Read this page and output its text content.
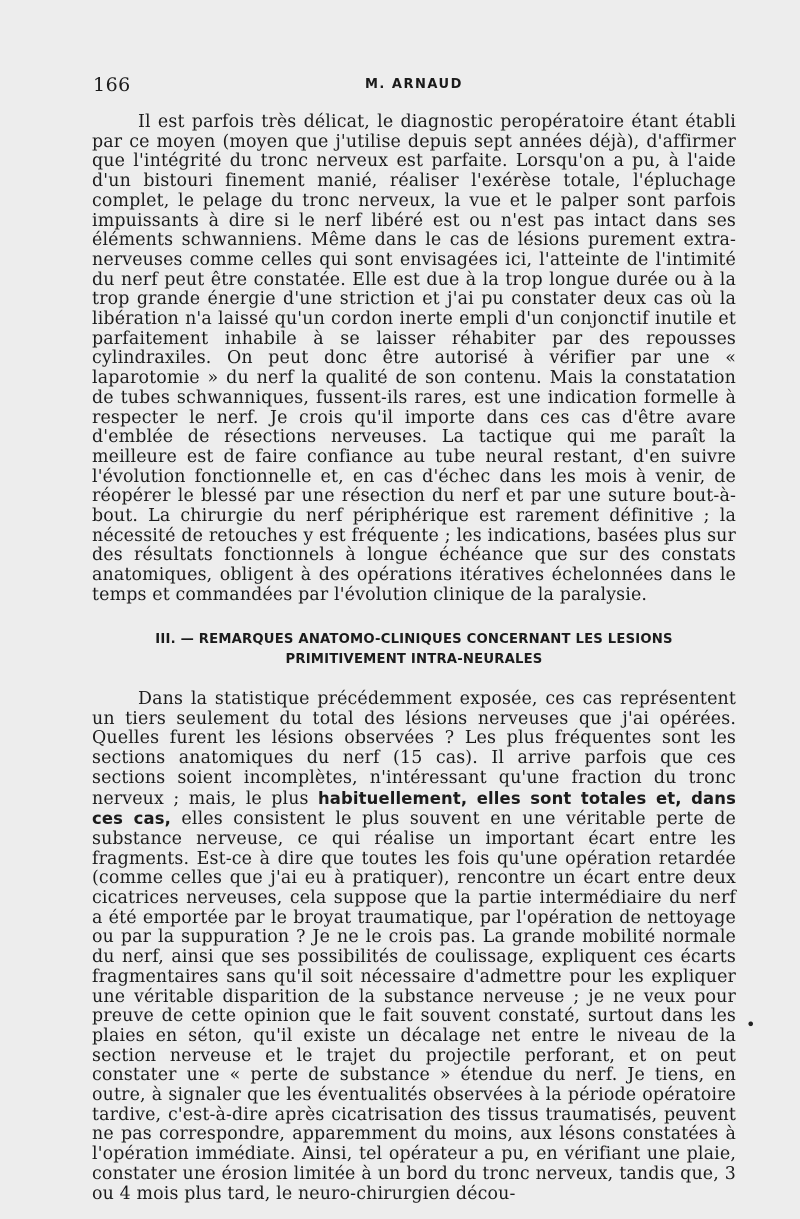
166	M. ARNAUD

Il est parfois très délicat, le diagnostic peropératoire étant établi par ce moyen (moyen que j'utilise depuis sept années déjà), d'affirmer que l'intégrité du tronc nerveux est parfaite. Lorsqu'on a pu, à l'aide d'un bistouri finement manié, réaliser l'exérèse totale, l'épluchage complet, le pelage du tronc nerveux, la vue et le palper sont parfois impuissants à dire si le nerf libéré est ou n'est pas intact dans ses éléments schwanniens. Même dans le cas de lésions purement extra-nerveuses comme celles qui sont envisagées ici, l'atteinte de l'intimité du nerf peut être constatée. Elle est due à la trop longue durée ou à la trop grande énergie d'une striction et j'ai pu constater deux cas où la libération n'a laissé qu'un cordon inerte empli d'un conjonctif inutile et parfaitement inhabile à se laisser réhabiter par des repousses cylindraxiles. On peut donc être autorisé à vérifier par une « laparotomie » du nerf la qualité de son contenu. Mais la constatation de tubes schwanniques, fussent-ils rares, est une indication formelle à respecter le nerf. Je crois qu'il importe dans ces cas d'être avare d'emblée de résections nerveuses. La tactique qui me paraît la meilleure est de faire confiance au tube neural restant, d'en suivre l'évolution fonctionnelle et, en cas d'échec dans les mois à venir, de réopérer le blessé par une résection du nerf et par une suture bout-à-bout. La chirurgie du nerf périphérique est rarement définitive ; la nécessité de retouches y est fréquente ; les indications, basées plus sur des résultats fonctionnels à longue échéance que sur des constats anatomiques, obligent à des opérations itératives échelonnées dans le temps et commandées par l'évolution clinique de la paralysie.

III. — REMARQUES ANATOMO-CLINIQUES CONCERNANT LES LESIONS
PRIMITIVEMENT INTRA-NEURALES

Dans la statistique précédemment exposée, ces cas représentent un tiers seulement du total des lésions nerveuses que j'ai opérées. Quelles furent les lésions observées ? Les plus fréquentes sont les sections anatomiques du nerf (15 cas). Il arrive parfois que ces sections soient incomplètes, n'intéressant qu'une fraction du tronc nerveux ; mais, le plus habituellement, elles sont totales et, dans ces cas, elles consistent le plus souvent en une véritable perte de substance nerveuse, ce qui réalise un important écart entre les fragments. Est-ce à dire que toutes les fois qu'une opération retardée (comme celles que j'ai eu à pratiquer), rencontre un écart entre deux cicatrices nerveuses, cela suppose que la partie intermédiaire du nerf a été emportée par le broyat traumatique, par l'opération de nettoyage ou par la suppuration ? Je ne le crois pas. La grande mobilité normale du nerf, ainsi que ses possibilités de coulissage, expliquent ces écarts fragmentaires sans qu'il soit nécessaire d'admettre pour les expliquer une véritable disparition de la substance nerveuse ; je ne veux pour preuve de cette opinion que le fait souvent constaté, surtout dans les plaies en séton, qu'il existe un décalage net entre le niveau de la section nerveuse et le trajet du projectile perforant, et on peut constater une « perte de substance » étendue du nerf. Je tiens, en outre, à signaler que les éventualités observées à la période opératoire tardive, c'est-à-dire après cicatrisation des tissus traumatisés, peuvent ne pas correspondre, apparemment du moins, aux lésons constatées à l'opération immédiate. Ainsi, tel opérateur a pu, en vérifiant une plaie, constater une érosion limitée à un bord du tronc nerveux, tandis que, 3 ou 4 mois plus tard, le neuro-chirurgien décou-

•
